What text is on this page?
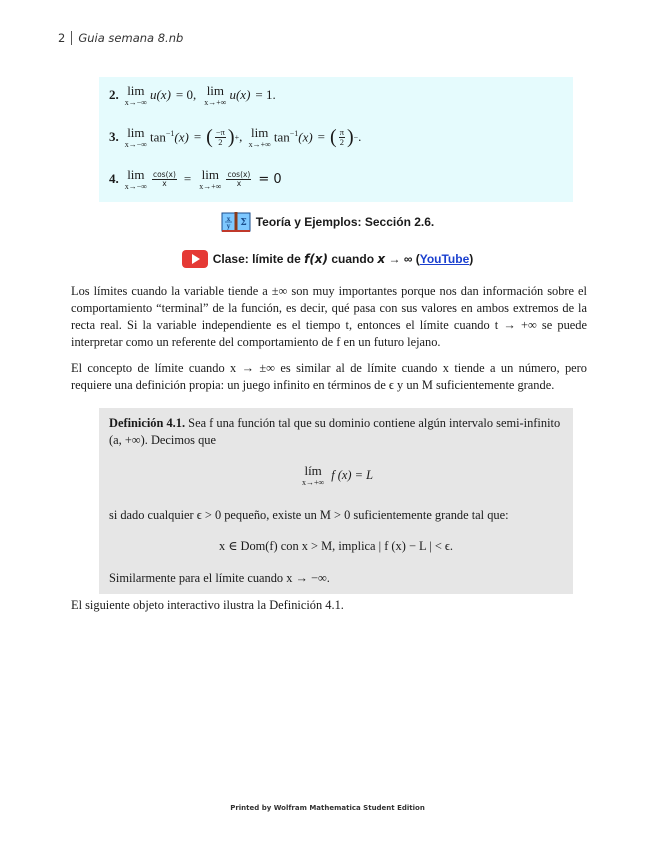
2 Guia semana 8.nb
2. lim
x→−∞ u(x) = 0, lim
x→+∞ u(x) = 1.
3. lim
x→−∞ $\tan^{-1}(x)$ = ( $\frac{-\pi}{2}$ ) + , lim
x→+∞ $\tan^{-1}(x)$ = ( $\frac{\pi}{2}$ ) − .
4. lim
$x\to-\infty \frac{\cos(x)}{x} = \lim$
$x\to+\infty \frac{\cos(x)}{x} = 0$
x
y Σ Teoría y Ejemplos: Sección 2.6.
Clase: límite de
f(x)
cuando
x
→ ∞
( YouTube )
Los límites cuando la variable tiende a ±∞ son muy importantes porque nos dan información sobre el comportamiento “terminal” de la función, es decir, qué pasa con sus valores en ambos extremos de la recta real. Si la variable independiente es el tiempo t, entonces el límite cuando t → +∞ se puede interpretar como un referente del comportamiento de f en un futuro lejano.
El concepto de límite cuando x → ±∞ es similar al de límite cuando x tiende a un número, pero requiere una definición propia: un juego infinito en términos de ϵ y un M suficientemente grande.
Definición 4.1. Sea f una función tal que su dominio contiene algún intervalo semi-infinito (a, +∞). Decimos que
lím
x→+∞
f (x) = L
si dado cualquier ϵ > 0 pequeño, existe un M > 0 suficientemente grande tal que:
x ∈ Dom(f) con x > M, implica | f (x) − L | < ϵ.
Similarmente para el límite cuando x → −∞.
El siguiente objeto interactivo ilustra la Definición 4.1.
Printed by Wolfram Mathematica Student Edition
